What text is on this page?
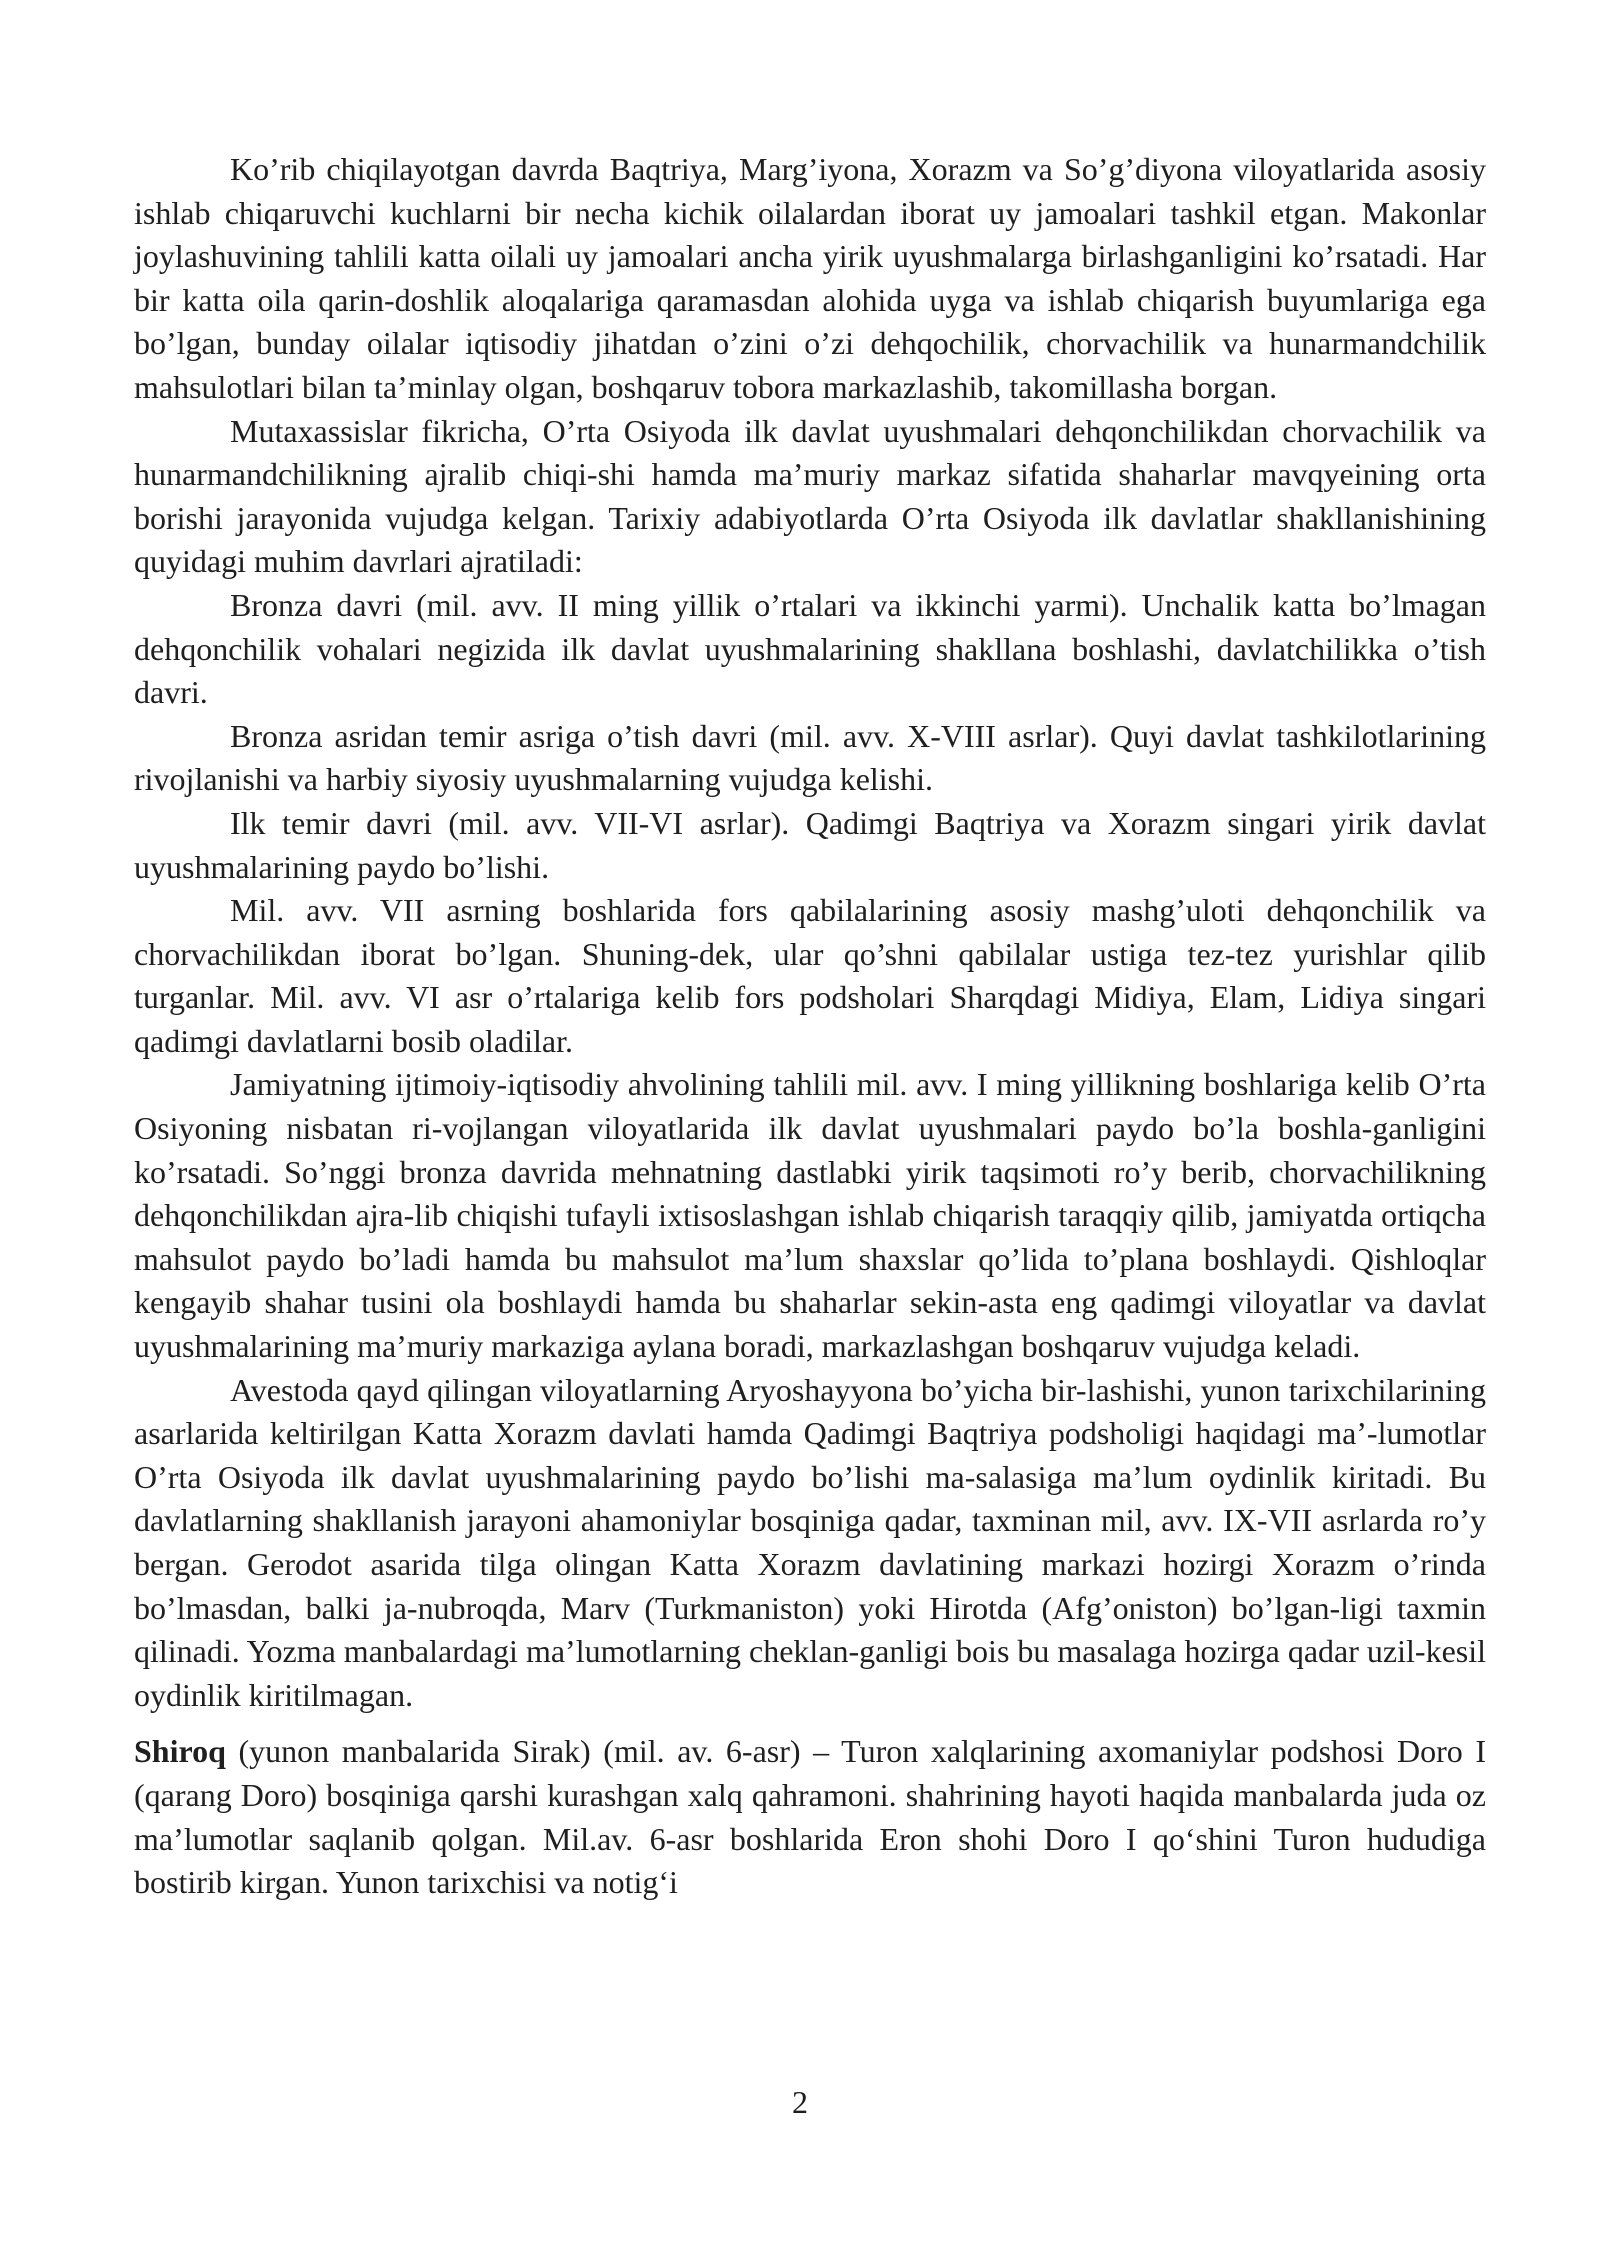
Ko’rib chiqilayotgan davrda Baqtriya, Marg’iyona, Xorazm va So’g’diyona viloyatlarida asosiy ishlab chiqaruvchi kuchlarni bir necha kichik oilalardan iborat uy jamoalari tashkil etgan. Makonlar joylashuvining tahlili katta oilali uy jamoalari ancha yirik uyushmalarga birlashganligini ko’rsatadi. Har bir katta oila qarin-doshlik aloqalariga qaramasdan alohida uyga va ishlab chiqarish buyumlariga ega bo’lgan, bunday oilalar iqtisodiy jihatdan o’zini o’zi dehqochilik, chorvachilik va hunarmandchilik mahsulotlari bilan ta’minlay olgan, boshqaruv tobora markazlashib, takomillasha borgan.

Mutaxassislar fikricha, O’rta Osiyoda ilk davlat uyushmalari dehqonchilikdan chorvachilik va hunarmandchilikning ajralib chiqi-shi hamda ma’muriy markaz sifatida shaharlar mavqyeining orta borishi jarayonida vujudga kelgan. Tarixiy adabiyotlarda O’rta Osiyoda ilk davlatlar shakllanishining quyidagi muhim davrlari ajratiladi:

Bronza davri (mil. avv. II ming yillik o’rtalari va ikkinchi yarmi). Unchalik katta bo’lmagan dehqonchilik vohalari negizida ilk davlat uyushmalarining shakllana boshlashi, davlatchilikka o’tish davri.

Bronza asridan temir asriga o’tish davri (mil. avv. X-VIII asrlar). Quyi davlat tashkilotlarining rivojlanishi va harbiy siyosiy uyushmalarning vujudga kelishi.

Ilk temir davri (mil. avv. VII-VI asrlar). Qadimgi Baqtriya va Xorazm singari yirik davlat uyushmalarining paydo bo’lishi.

Mil. avv. VII asrning boshlarida fors qabilalarining asosiy mashg’uloti dehqonchilik va chorvachilikdan iborat bo’lgan. Shuning-dek, ular qo’shni qabilalar ustiga tez-tez yurishlar qilib turganlar. Mil. avv. VI asr o’rtalariga kelib fors podsholari Sharqdagi Midiya, Elam, Lidiya singari qadimgi davlatlarni bosib oladilar.

Jamiyatning ijtimoiy-iqtisodiy ahvolining tahlili mil. avv. I ming yillikning boshlariga kelib O’rta Osiyoning nisbatan ri-vojlangan viloyatlarida ilk davlat uyushmalari paydo bo’la boshla-ganligini ko’rsatadi. So’nggi bronza davrida mehnatning dastlabki yirik taqsimoti ro’y berib, chorvachilikning dehqonchilikdan ajra-lib chiqishi tufayli ixtisoslashgan ishlab chiqarish taraqqiy qilib, jamiyatda ortiqcha mahsulot paydo bo’ladi hamda bu mahsulot ma’lum shaxslar qo’lida to’plana boshlaydi. Qishloqlar kengayib shahar tusini ola boshlaydi hamda bu shaharlar sekin-asta eng qadimgi viloyatlar va davlat uyushmalarining ma’muriy markaziga aylana boradi, markazlashgan boshqaruv vujudga keladi.

Avestoda qayd qilingan viloyatlarning Aryoshayyona bo’yicha bir-lashishi, yunon tarixchilarining asarlarida keltirilgan Katta Xorazm davlati hamda Qadimgi Baqtriya podsholigi haqidagi ma’-lumotlar O’rta Osiyoda ilk davlat uyushmalarining paydo bo’lishi ma-salasiga ma’lum oydinlik kiritadi. Bu davlatlarning shakllanish jarayoni ahamoniylar bosqiniga qadar, taxminan mil, avv. IX-VII asrlarda ro’y bergan. Gerodot asarida tilga olingan Katta Xorazm davlatining markazi hozirgi Xorazm o’rinda bo’lmasdan, balki ja-nubroqda, Marv (Turkmaniston) yoki Hirotda (Afg’oniston) bo’lgan-ligi taxmin qilinadi. Yozma manbalardagi ma’lumotlarning cheklan-ganligi bois bu masalaga hozirga qadar uzil-kesil oydinlik kiritilmagan.

Shiroq (yunon manbalarida Sirak) (mil. av. 6-asr) – Turon xalqlarining axomaniylar podshosi Doro I (qarang Doro) bosqiniga qarshi kurashgan xalq qahramoni. shahrining hayoti haqida manbalarda juda oz ma’lumotlar saqlanib qolgan. Mil.av. 6-asr boshlarida Eron shohi Doro I qo‘shini Turon hududiga bostirib kirgan. Yunon tarixchisi va notig‘i

2
